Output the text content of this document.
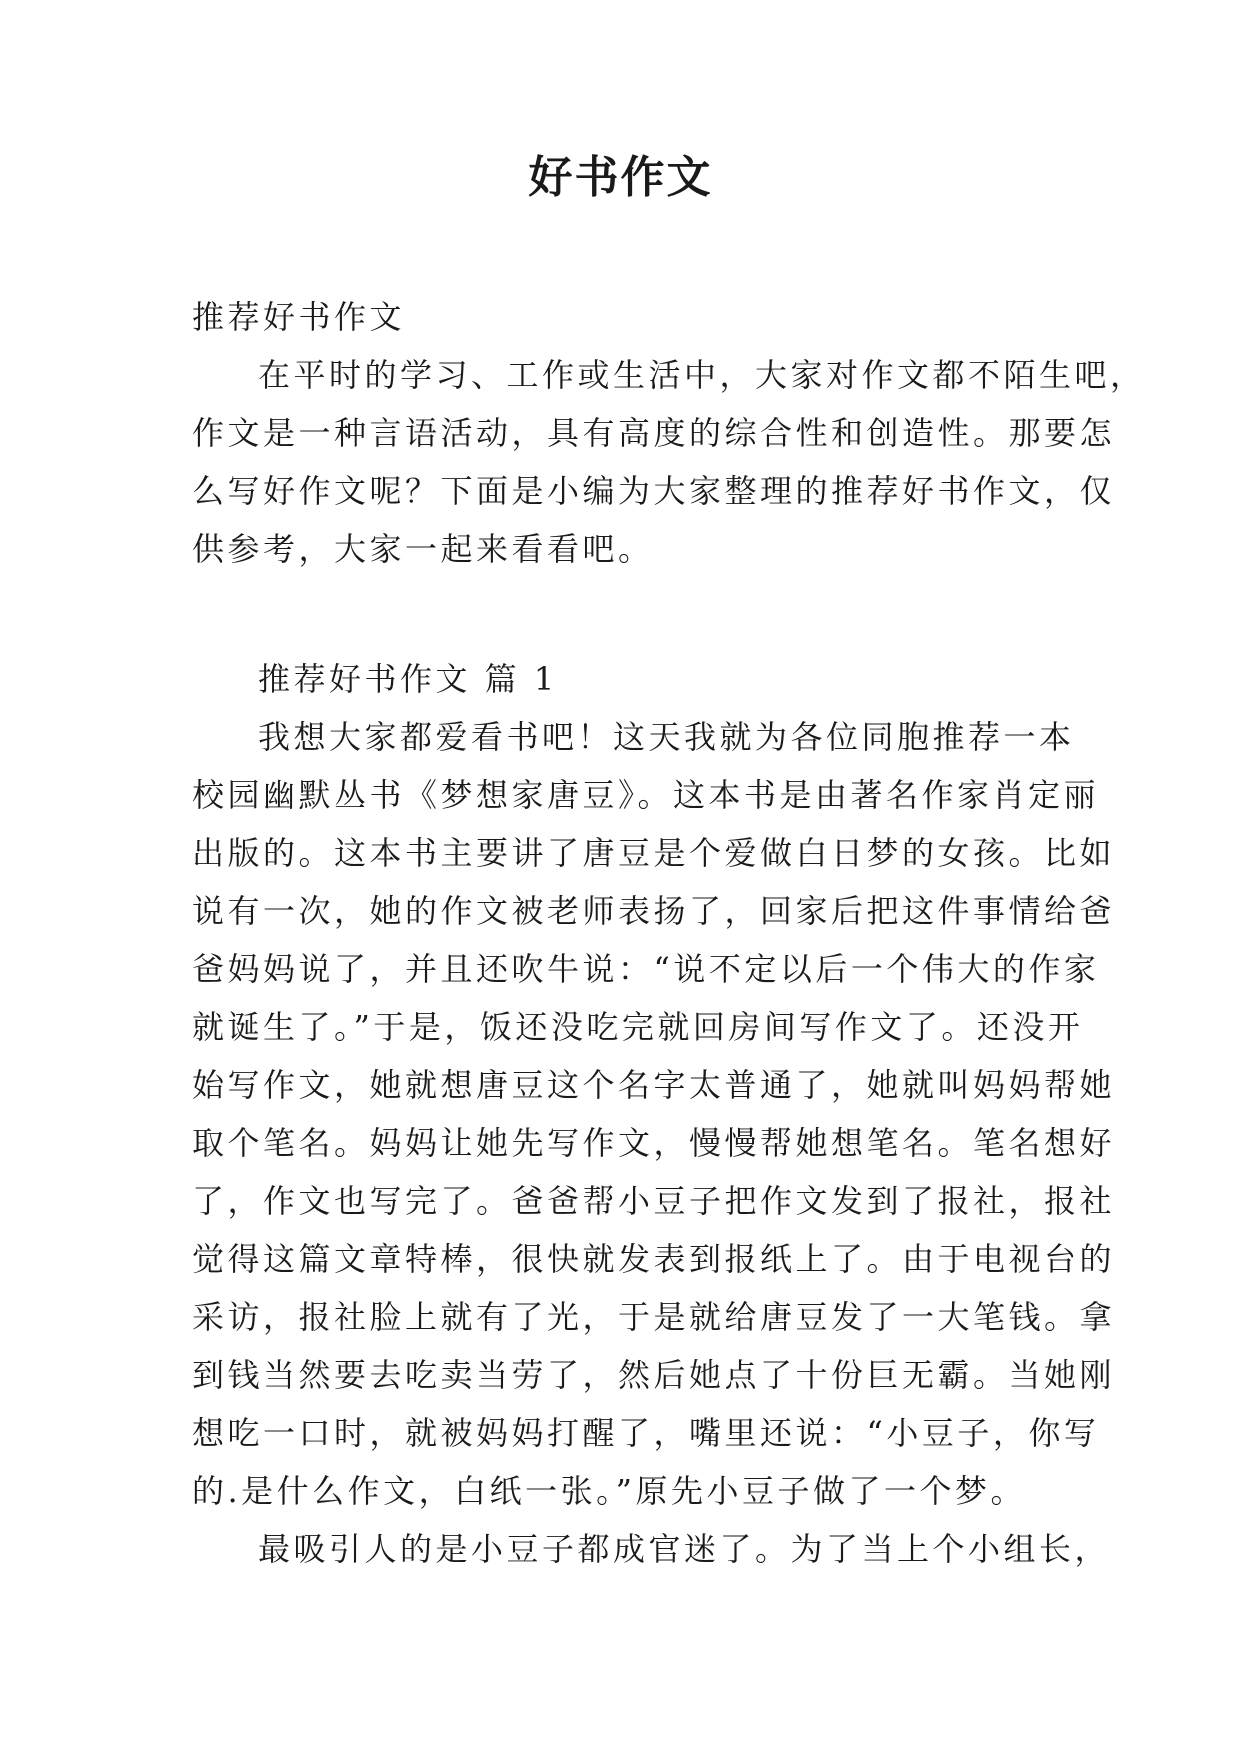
好书作文
推荐好书作文
在平时的学习、工作或生活中，大家对作文都不陌生吧，
作文是一种言语活动，具有高度的综合性和创造性。那要怎
么写好作文呢？下面是小编为大家整理的推荐好书作文，仅
供参考，大家一起来看看吧。
推荐好书作文 篇 1
我想大家都爱看书吧！这天我就为各位同胞推荐一本
校园幽默丛书《梦想家唐豆》。这本书是由著名作家肖定丽
出版的。这本书主要讲了唐豆是个爱做白日梦的女孩。比如
说有一次，她的作文被老师表扬了，回家后把这件事情给爸
爸妈妈说了，并且还吹牛说：“说不定以后一个伟大的作家
就诞生了。”于是，饭还没吃完就回房间写作文了。还没开
始写作文，她就想唐豆这个名字太普通了，她就叫妈妈帮她
取个笔名。妈妈让她先写作文，慢慢帮她想笔名。笔名想好
了，作文也写完了。爸爸帮小豆子把作文发到了报社，报社
觉得这篇文章特棒，很快就发表到报纸上了。由于电视台的
采访，报社脸上就有了光，于是就给唐豆发了一大笔钱。拿
到钱当然要去吃卖当劳了，然后她点了十份巨无霸。当她刚
想吃一口时，就被妈妈打醒了，嘴里还说：“小豆子，你写
的.是什么作文，白纸一张。”原先小豆子做了一个梦。
最吸引人的是小豆子都成官迷了。为了当上个小组长，
